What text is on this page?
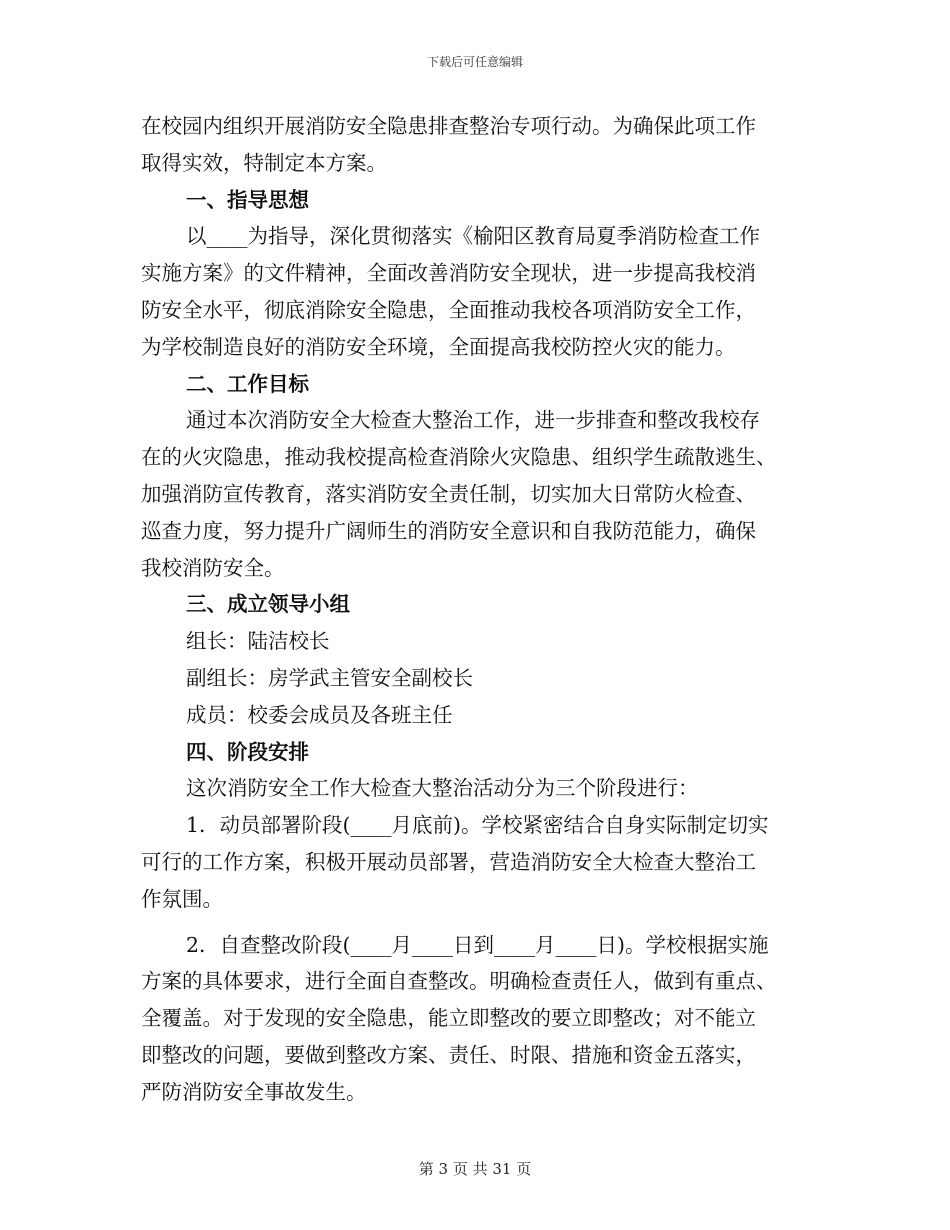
下载后可任意编辑
在校园内组织开展消防安全隐患排查整治专项行动。为确保此项工作
取得实效，特制定本方案。
一、指导思想
以____为指导，深化贯彻落实《榆阳区教育局夏季消防检查工作
实施方案》的文件精神，全面改善消防安全现状，进一步提高我校消
防安全水平，彻底消除安全隐患，全面推动我校各项消防安全工作，
为学校制造良好的消防安全环境，全面提高我校防控火灾的能力。
二、工作目标
通过本次消防安全大检查大整治工作，进一步排查和整改我校存
在的火灾隐患，推动我校提高检查消除火灾隐患、组织学生疏散逃生、
加强消防宣传教育，落实消防安全责任制，切实加大日常防火检查、
巡查力度，努力提升广阔师生的消防安全意识和自我防范能力，确保
我校消防安全。
三、成立领导小组
组长：陆洁校长
副组长：房学武主管安全副校长
成员：校委会成员及各班主任
四、阶段安排
这次消防安全工作大检查大整治活动分为三个阶段进行：
1．动员部署阶段(____月底前)。学校紧密结合自身实际制定切实
可行的工作方案，积极开展动员部署，营造消防安全大检查大整治工
作氛围。
2．自查整改阶段(____月____日到____月____日)。学校根据实施
方案的具体要求，进行全面自查整改。明确检查责任人，做到有重点、
全覆盖。对于发现的安全隐患，能立即整改的要立即整改；对不能立
即整改的问题，要做到整改方案、责任、时限、措施和资金五落实，
严防消防安全事故发生。
第 3 页 共 31 页
